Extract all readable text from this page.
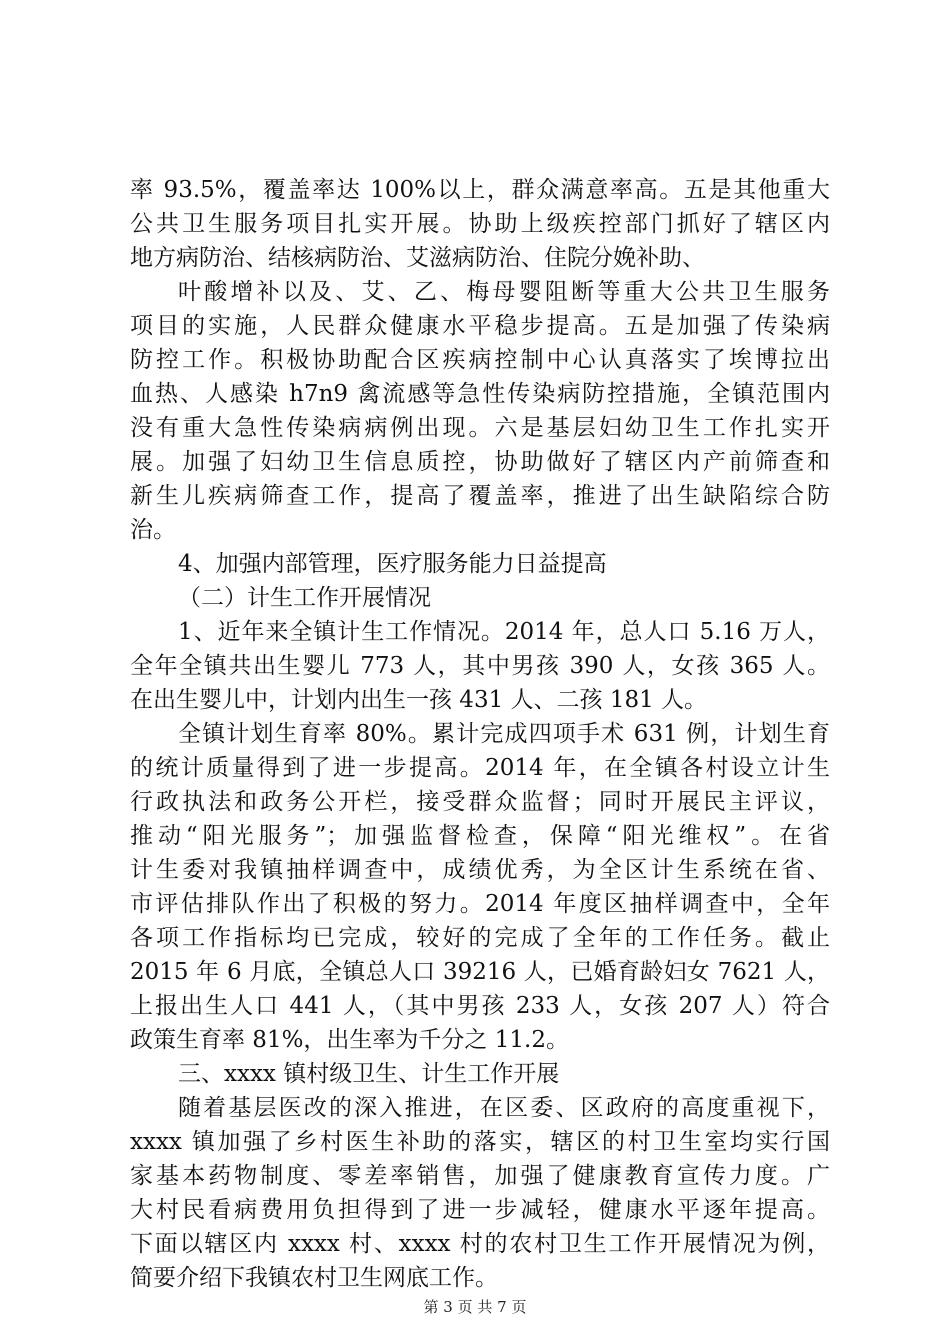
率 93.5%，覆盖率达 100%以上，群众满意率高。五是其他重大
公共卫生服务项目扎实开展。协助上级疾控部门抓好了辖区内
地方病防治、结核病防治、艾滋病防治、住院分娩补助、
叶酸增补以及、艾、乙、梅母婴阻断等重大公共卫生服务
项目的实施，人民群众健康水平稳步提高。五是加强了传染病
防控工作。积极协助配合区疾病控制中心认真落实了埃博拉出
血热、人感染 h7n9 禽流感等急性传染病防控措施，全镇范围内
没有重大急性传染病病例出现。六是基层妇幼卫生工作扎实开
展。加强了妇幼卫生信息质控，协助做好了辖区内产前筛查和
新生儿疾病筛查工作，提高了覆盖率，推进了出生缺陷综合防
治。
4、加强内部管理，医疗服务能力日益提高
（二）计生工作开展情况
1、近年来全镇计生工作情况。2014 年，总人口 5.16 万人，
全年全镇共出生婴儿 773 人，其中男孩 390 人，女孩 365 人。
在出生婴儿中，计划内出生一孩 431 人、二孩 181 人。
全镇计划生育率 80%。累计完成四项手术 631 例，计划生育
的统计质量得到了进一步提高。2014 年，在全镇各村设立计生
行政执法和政务公开栏，接受群众监督；同时开展民主评议，
推动“阳光服务”；加强监督检查，保障“阳光维权”。在省
计生委对我镇抽样调查中，成绩优秀，为全区计生系统在省、
市评估排队作出了积极的努力。2014 年度区抽样调查中，全年
各项工作指标均已完成，较好的完成了全年的工作任务。截止
2015 年 6 月底，全镇总人口 39216 人，已婚育龄妇女 7621 人，
上报出生人口 441 人，（其中男孩 233 人，女孩 207 人）符合
政策生育率 81%，出生率为千分之 11.2。
三、xxxx 镇村级卫生、计生工作开展
随着基层医改的深入推进，在区委、区政府的高度重视下，
xxxx 镇加强了乡村医生补助的落实，辖区的村卫生室均实行国
家基本药物制度、零差率销售，加强了健康教育宣传力度。广
大村民看病费用负担得到了进一步减轻，健康水平逐年提高。
下面以辖区内 xxxx 村、xxxx 村的农村卫生工作开展情况为例，
简要介绍下我镇农村卫生网底工作。
第 3 页 共 7 页
